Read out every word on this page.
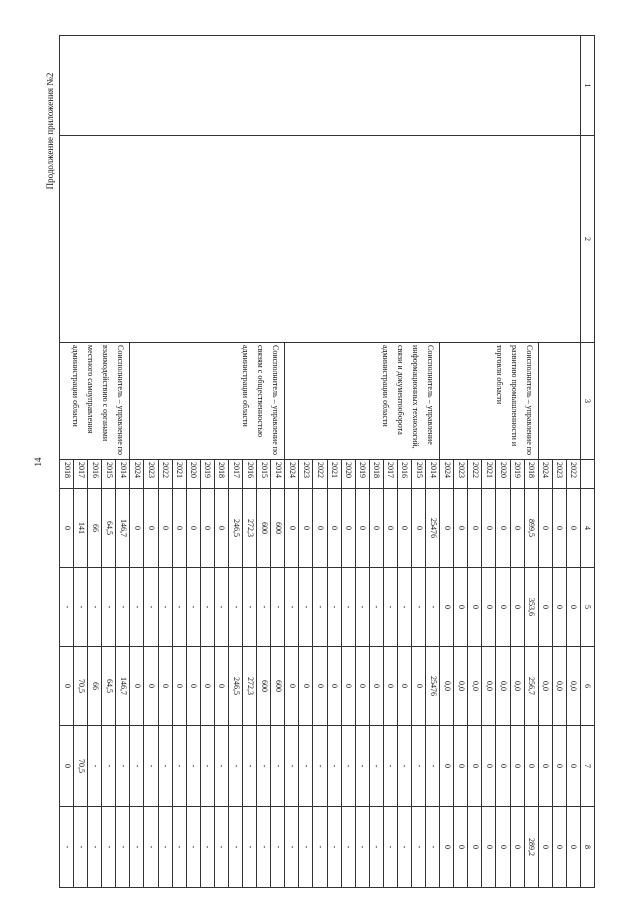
14
Продолжение приложения №2	1	2	3		4	5	6	7	8
			2022	0	0	0,0	0	0
			2023	0	0	0,0	0	0
			2024	0	0	0,0	0	0
		Соисполнитель – управление по развитию промышленности и торговли области	2018	899,5	353,6	256,7	0	289,2
			2019	0	0	0,0	0	0
			2020	0	0	0,0	0	0
			2021	0	0	0,0	0	0
			2022	0	0	0,0	0	0
			2023	0	0	0,0	0	0
			2024	0	0	0,0	0	0
		Соисполнитель – управление информационных технологий, связи и документооборота администрации области	2014	25476	-	25476	-	-
			2015	0	-	0	-	-
			2016	0	-	0	-	-
			2017	0	-	0	-	-
			2018	0	-	0	-	-
			2019	0	-	0	-	-
			2020	0	-	0	-	-
			2021	0	-	0	-	-
			2022	0	-	0	-	-
			2023	0	-	0	-	-
			2024	0	-	0	-	-
		Соисполнитель – управление по связям с общественностью администрации области	2014	600	-	600	-	-
			2015	600	-	600	-	-
			2016	272,3	-	272,3	-	-
			2017	246,5	-	246,5	-	-
			2018	0	-	0	-	-
			2019	0	-	0	-	-
			2020	0	-	0	-	-
			2021	0	-	0	-	-
			2022	0	-	0	-	-
			2023	0	-	0	-	-
			2024	0	-	0	-	-
		Соисполнитель – управление по взаимодействию с органами местного самоуправления администрации области	2014	146,7	-	146,7	-	-
			2015	64,5	-	64,5	-	-
			2016	66	-	66	-	-
			2017	141	-	70,5	70,5	-
			2018	0	-	0	0	-
